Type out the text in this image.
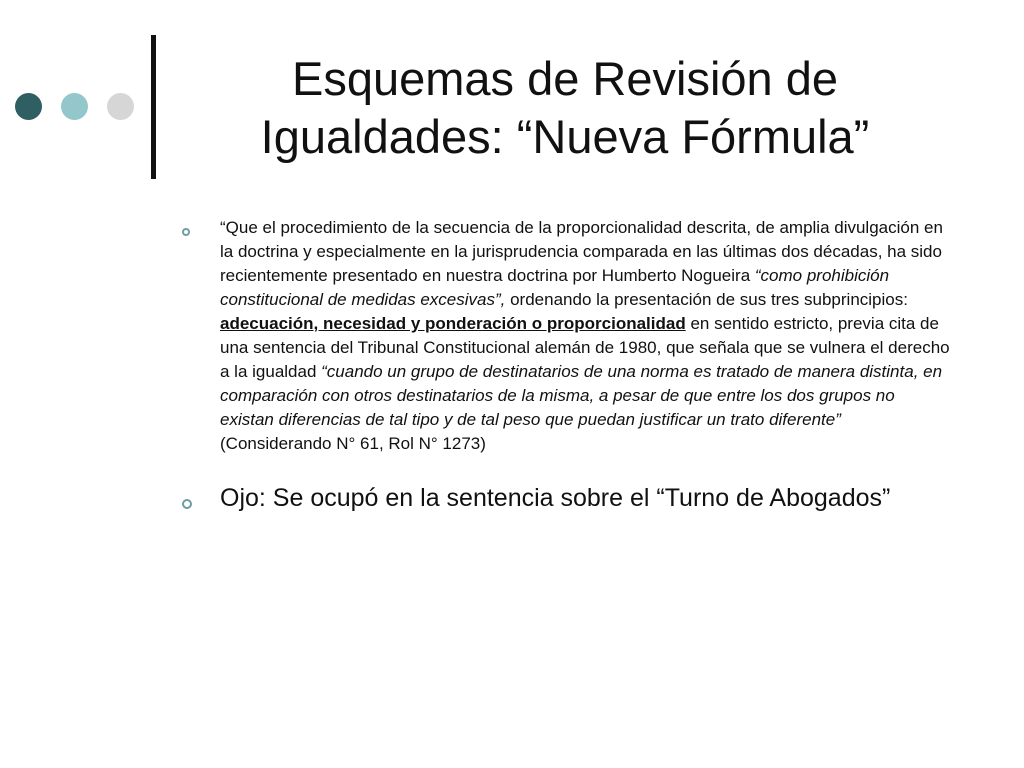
Esquemas de Revisión de
Igualdades: “Nueva Fórmula”
“Que el procedimiento de la secuencia de la proporcionalidad descrita, de amplia divulgación en la doctrina y especialmente en la jurisprudencia comparada en las últimas dos décadas, ha sido recientemente presentado en nuestra doctrina por Humberto Nogueira “como prohibición constitucional de medidas excesivas”, ordenando la presentación de sus tres subprincipios: adecuación, necesidad y ponderación o proporcionalidad en sentido estricto, previa cita de una sentencia del Tribunal Constitucional alemán de 1980, que señala que se vulnera el derecho a la igualdad “cuando un grupo de destinatarios de una norma es tratado de manera distinta, en comparación con otros destinatarios de la misma, a pesar de que entre los dos grupos no existan diferencias de tal tipo y de tal peso que puedan justificar un trato diferente” (Considerando N° 61, Rol N° 1273)
Ojo: Se ocupó en la sentencia sobre el “Turno de Abogados”
